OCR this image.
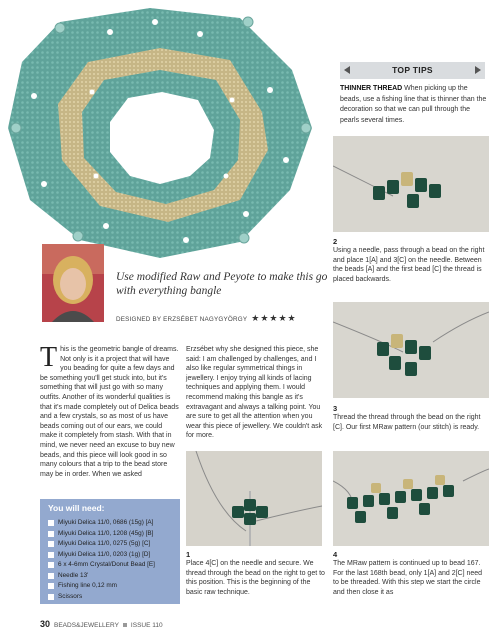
TOP TIPS
THINNER THREAD When picking up the beads, use a fishing line that is thinner than the decoration so that we can pull through the pearls several times.
2
Using a needle, pass through a bead on the right and place 1[A] and 3[C] on the needle. Between the beads [A] and the first bead [C] the thread is placed backwards.
3
Thread the thread through the bead on the right [C]. Our first MRaw pattern (our stitch) is ready.
Use modified Raw and Peyote to make this go with everything bangle
DESIGNED BY ERZSÉBET NAGYGYÖRGY ★★★★★
This is the geometric bangle of dreams. Not only is it a project that will have you beading for quite a few days and be something you'll get stuck into, but it's something that will just go with so many outfits. Another of its wonderful qualities is that it's made completely out of Delica beads and a few crystals, so as most of us have beads coming out of our ears, we could make it completely from stash. With that in mind, we never need an excuse to buy new beads, and this piece will look good in so many colours that a trip to the bead store may be in order. When we asked
Erzsébet why she designed this piece, she said: I am challenged by challenges, and I also like regular symmetrical things in jewellery. I enjoy trying all kinds of lacing techniques and applying them. I would recommend making this bangle as it's extravagant and always a talking point. You are sure to get all the attention when you wear this piece of jewellery. We couldn't ask for more.
You will need:
Miyuki Delica 11/0, 0686 (15g) [A]
Miyuki Delica 11/0, 1208 (45g) [B]
Miyuki Delica 11/0, 0275 (5g) [C]
Miyuki Delica 11/0, 0203 (1g) [D]
6 x 4-6mm Crystal/Donut Bead [E]
Needle 13'
Fishing line 0,12 mm
Scissors
1
Place 4[C] on the needle and secure. We thread through the bead on the right to get to this position. This is the beginning of the basic raw technique.
4
The MRaw pattern is continued up to bead 167. For the last 168th bead, only 1[A] and 2[C] need to be threaded. With this step we start the circle and then close it as
30 BEADS&JEWELLERY ISSUE 110
